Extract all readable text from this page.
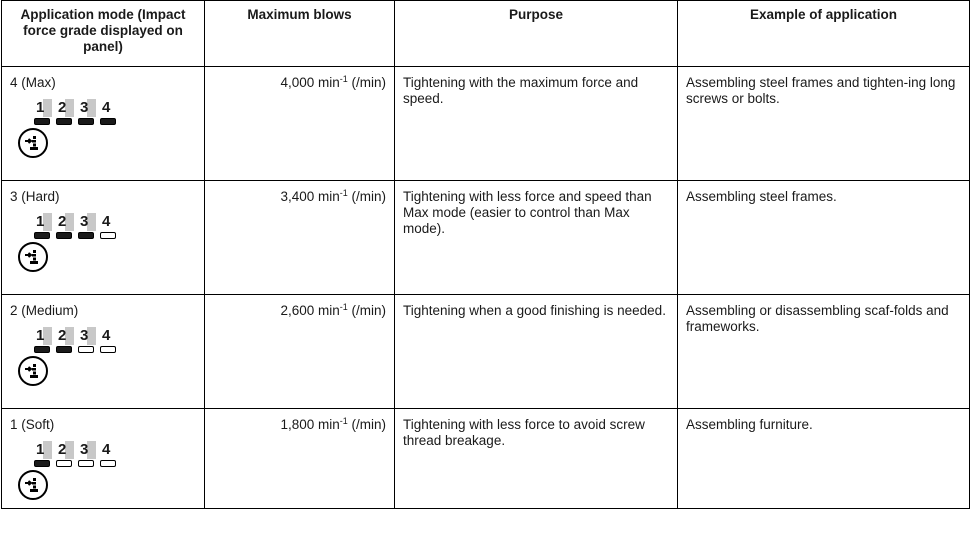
Application mode (Impact force grade displayed on panel)	Maximum blows	Purpose	Example of application

4 (Max)
1 2 3 4	4,000 $\min^{-1} (/\min)$	Tightening with the maximum force and speed.	Assembling steel frames and tighten-ing long screws or bolts.

3 (Hard)
1 2 3 4	3,400 $\min^{-1} (/\min)$	Tightening with less force and speed than Max mode (easier to control than Max mode).	Assembling steel frames.

2 (Medium)
1 2 3 4	2,600 $\min^{-1} (/\min)$	Tightening when a good finishing is needed.	Assembling or disassembling scaf-folds and frameworks.

1 (Soft)
1 2 3 4	1,800 $\min^{-1} (/\min)$	Tightening with less force to avoid screw thread breakage.	Assembling furniture.
